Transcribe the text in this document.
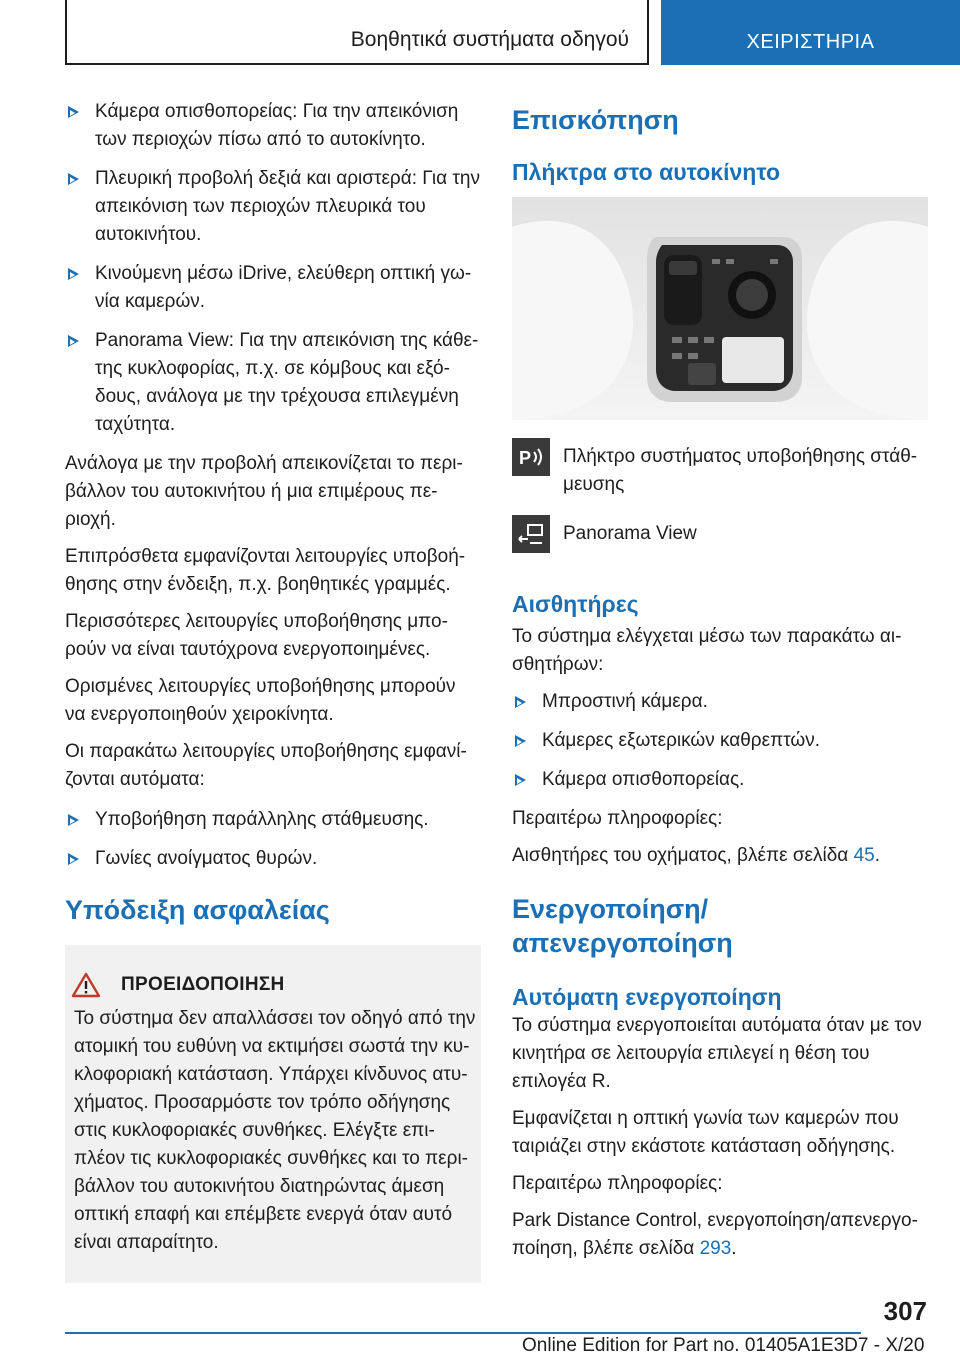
Βοηθητικά συστήματα οδηγού	ΧΕΙΡΙΣΤΗΡΙΑ
Κάμερα οπισθοπορείας: Για την απεικόνιση των περιοχών πίσω από το αυτοκίνητο.
Πλευρική προβολή δεξιά και αριστερά: Για την απεικόνιση των περιοχών πλευρικά του αυτοκινήτου.
Κινούμενη μέσω iDrive, ελεύθερη οπτική γωνία καμερών.
Panorama View: Για την απεικόνιση της κάθετης κυκλοφορίας, π.χ. σε κόμβους και εξόδους, ανάλογα με την τρέχουσα επιλεγμένη ταχύτητα.

Ανάλογα με την προβολή απεικονίζεται το περιβάλλον του αυτοκινήτου ή μια επιμέρους περιοχή.

Επιπρόσθετα εμφανίζονται λειτουργίες υποβοήθησης στην ένδειξη, π.χ. βοηθητικές γραμμές.

Περισσότερες λειτουργίες υποβοήθησης μπορούν να είναι ταυτόχρονα ενεργοποιημένες.

Ορισμένες λειτουργίες υποβοήθησης μπορούν να ενεργοποιηθούν χειροκίνητα.

Οι παρακάτω λειτουργίες υποβοήθησης εμφανίζονται αυτόματα:

Υποβοήθηση παράλληλης στάθμευσης.
Γωνίες ανοίγματος θυρών.
Υπόδειξη ασφαλείας
ΠΡΟΕΙΔΟΠΟΙΗΣΗ

Το σύστημα δεν απαλλάσσει τον οδηγό από την ατομική του ευθύνη να εκτιμήσει σωστά την κυκλοφοριακή κατάσταση. Υπάρχει κίνδυνος ατυχήματος. Προσαρμόστε τον τρόπο οδήγησης στις κυκλοφοριακές συνθήκες. Ελέγξτε επιπλέον τις κυκλοφοριακές συνθήκες και το περιβάλλον του αυτοκινήτου διατηρώντας άμεση οπτική επαφή και επέμβετε ενεργά όταν αυτό είναι απαραίτητο.

Επισκόπηση
Πλήκτρα στο αυτοκίνητο
P Πλήκτρο συστήματος υποβοήθησης στάθμευσης
Panorama View
Αισθητήρες

Το σύστημα ελέγχεται μέσω των παρακάτω αισθητήρων:

Μπροστινή κάμερα.
Κάμερες εξωτερικών καθρεπτών.
Κάμερα οπισθοπορείας.

Περαιτέρω πληροφορίες:

Αισθητήρες του οχήματος, βλέπε σελίδα 45.

Ενεργοποίηση/απενεργοποίηση
Αυτόματη ενεργοποίηση

Το σύστημα ενεργοποιείται αυτόματα όταν με τον κινητήρα σε λειτουργία επιλεγεί η θέση του επιλογέα R.

Εμφανίζεται η οπτική γωνία των καμερών που ταιριάζει στην εκάστοτε κατάσταση οδήγησης.

Περαιτέρω πληροφορίες:

Park Distance Control, ενεργοποίηση/απενεργοποίηση, βλέπε σελίδα 293.

307
Online Edition for Part no. 01405A1E3D7 - X/20
